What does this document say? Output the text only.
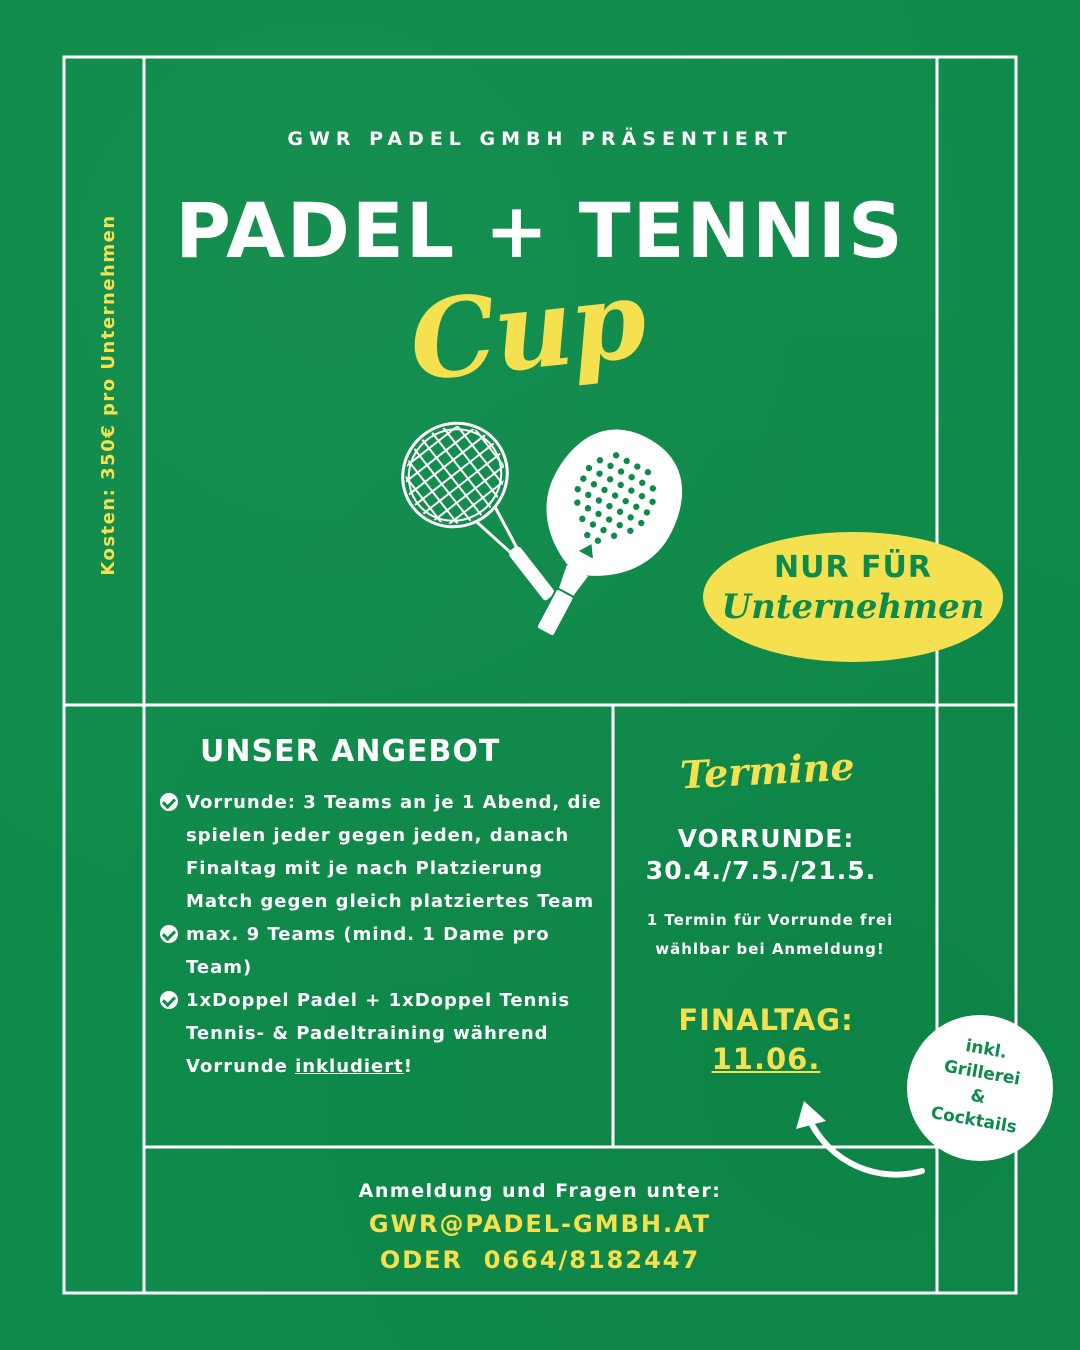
GWR PADEL GMBH PRÄSENTIERT
PADEL + TENNIS
Cup
Kosten: 350€ pro Unternehmen	NUR FÜR
Unternehmen
UNSER ANGEBOT
Vorrunde: 3 Teams an je 1 Abend, die spielen jeder gegen jeden, danach Finaltag mit je nach Platzierung Match gegen gleich platziertes Team
max. 9 Teams (mind. 1 Dame pro Team)
1xDoppel Padel + 1xDoppel Tennis Tennis- & Padeltraining während Vorrunde inkludiert!
Termine
VORRUNDE:
30.4./7.5./21.5.
1 Termin für Vorrunde frei wählbar bei Anmeldung!
FINALTAG:
11.06.	inkl.
Grillerei
&
Cocktails
Anmeldung und Fragen unter:
GWR@PADEL-GMBH.AT
ODER  0664/8182447
